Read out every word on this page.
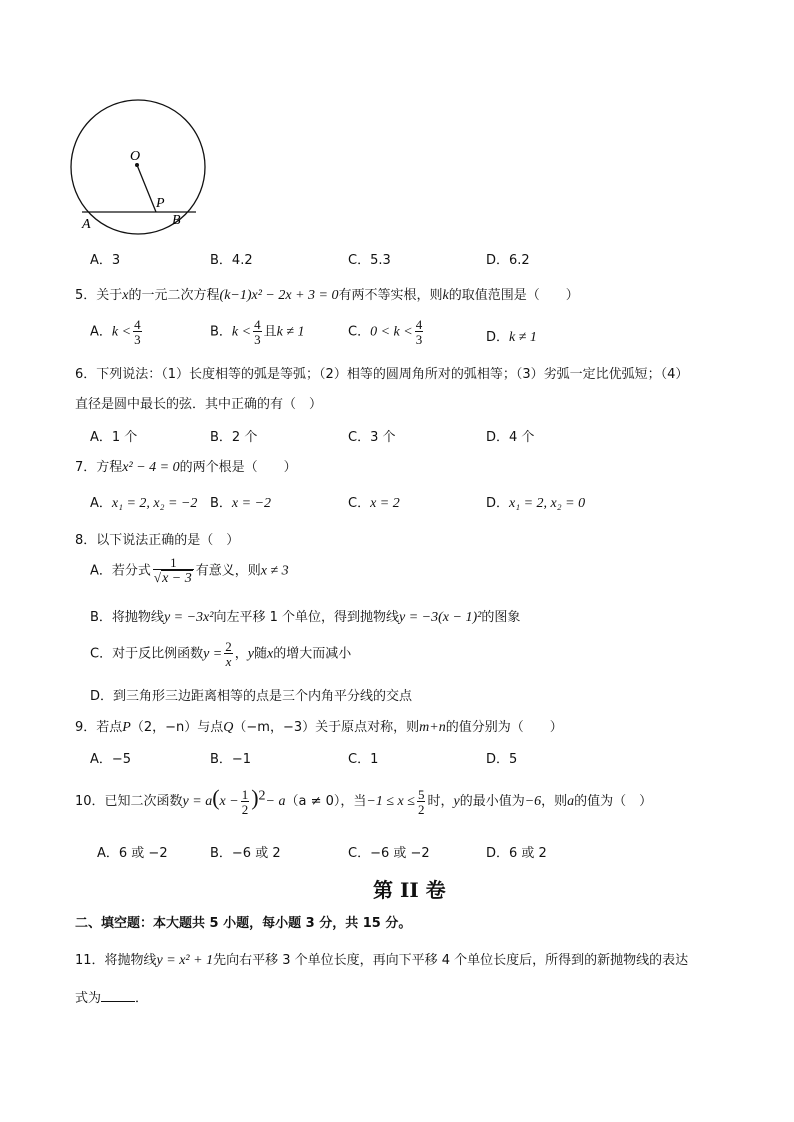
O
P
A	B
A．3	B．4.2	C．5.3	D．6.2
5．关于x的一元二次方程(k−1)x² − 2x + 3 = 0有两不等实根，则k的取值范围是（　　）
A．$k < \frac{4}{3}$	B．$k < \frac{4}{3}$ 且k ≠ 1	C．$0 < k < \frac{4}{3}$	D．k ≠ 1
6．下列说法：（1）长度相等的弧是等弧；（2）相等的圆周角所对的弧相等；（3）劣弧一定比优弧短；（4）
直径是圆中最长的弦．其中正确的有（　）
A．1 个	B．2 个	C．3 个	D．4 个
7．方程x² − 4 = 0的两个根是（　　）
A．x₁ = 2, x₂ = −2 B．x = −2	C．x = 2	D．x₁ = 2, x₂ = 0
8．以下说法正确的是（　）
A．若分式 $\frac{1}{√x - 3}$ 有意义，则x ≠ 3
B．将抛物线y = −3x²向左平移 1 个单位，得到抛物线y = −3(x − 1)²的图象
C．对于反比例函数$y = \frac{2}{x}$ ，y随x的增大而减小
D．到三角形三边距离相等的点是三个内角平分线的交点
9．若点P（2，−n）与点Q（−m，−3）关于原点对称，则m+n的值分别为（　　）
A．−5	B．−1	C．1	D．5
10．已知二次函数$y = a(x - \frac{1}{2} )^2- a(a \ne 0)$，当$-1 \le x \le \frac{5}{2}$ 时，y的最小值为−6，则a的值为（　）
A．6 或 −2	B．−6 或 2	C．−6 或 −2	D．6 或 2
第 II 卷
二、填空题：本大题共 5 小题，每小题 3 分，共 15 分。
11．将抛物线y = x² + 1先向右平移 3 个单位长度，再向下平移 4 个单位长度后，所得到的新抛物线的表达
式为	．
